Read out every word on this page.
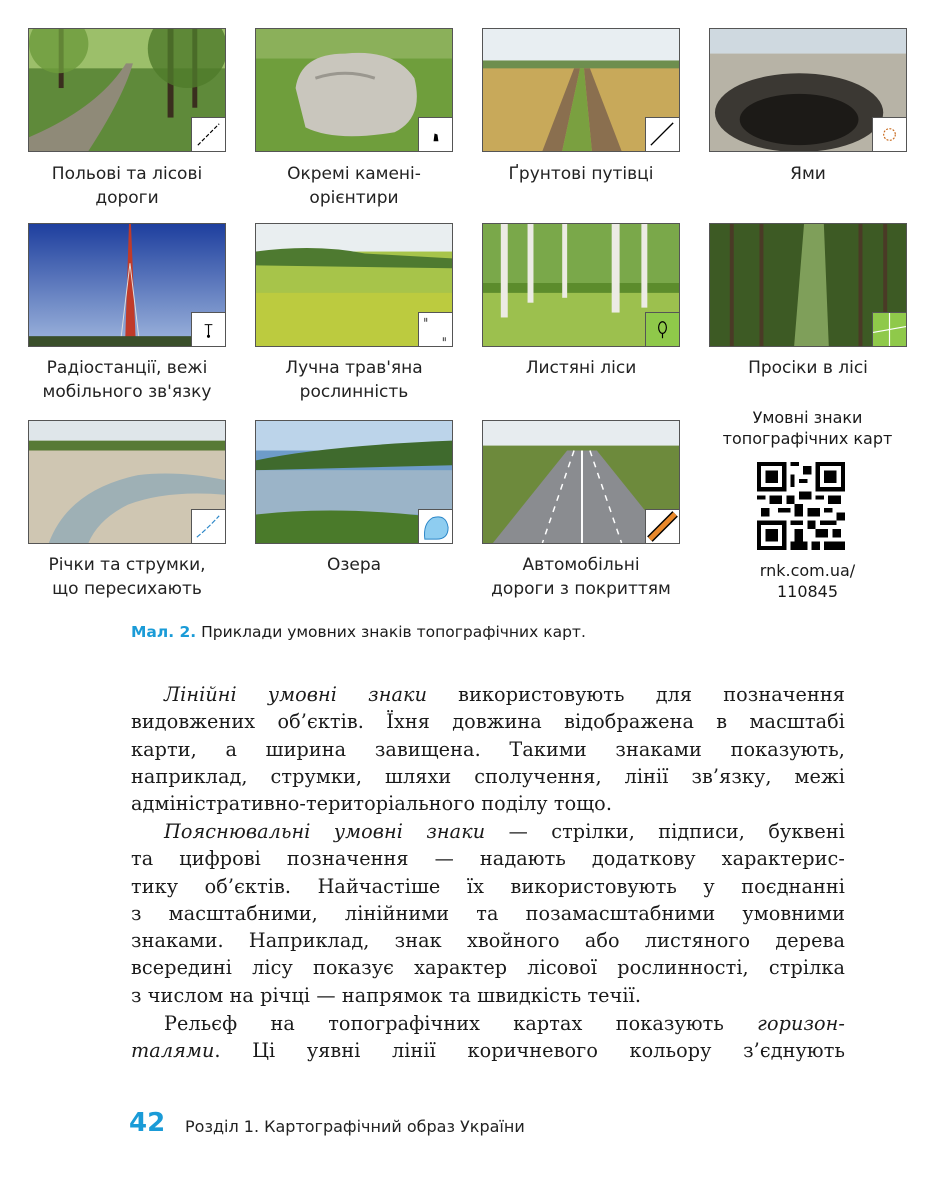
Польові та лісові
дороги
Окремі камені-
орієнтири
Ґрунтові путівці	Ями
Радіостанції, вежі
мобільного зв'язку
Лучна трав'яна
рослинність
Листяні ліси	Просіки в лісі
Річки та струмки,
що пересихають
Озера	Автомобільні
дороги з покриттям
Умовні знаки
топографічних карт
rnk.com.ua/
110845
Мал. 2. Приклади умовних знаків топографічних карт.
Лінійні умовні знаки використовують для позначення
видовжених об’єктів. Їхня довжина відображена в масштабі
карти, а ширина завищена. Такими знаками показують,
наприклад, струмки, шляхи сполучення, лінії зв’язку, межі
адміністративно-територіального поділу тощо.
Пояснювальні умовні знаки — стрілки, підписи, буквені
та цифрові позначення — надають додаткову характерис-
тику об’єктів. Найчастіше їх використовують у поєднанні
з масштабними, лінійними та позамасштабними умовними
знаками. Наприклад, знак хвойного або листяного дерева
всередині лісу показує характер лісової рослинності, стрілка
з числом на річці — напрямок та швидкість течії.
Рельєф на топографічних картах показують горизон-
талями. Ці уявні лінії коричневого кольору з’єднують
42 Розділ 1. Картографічний образ України
